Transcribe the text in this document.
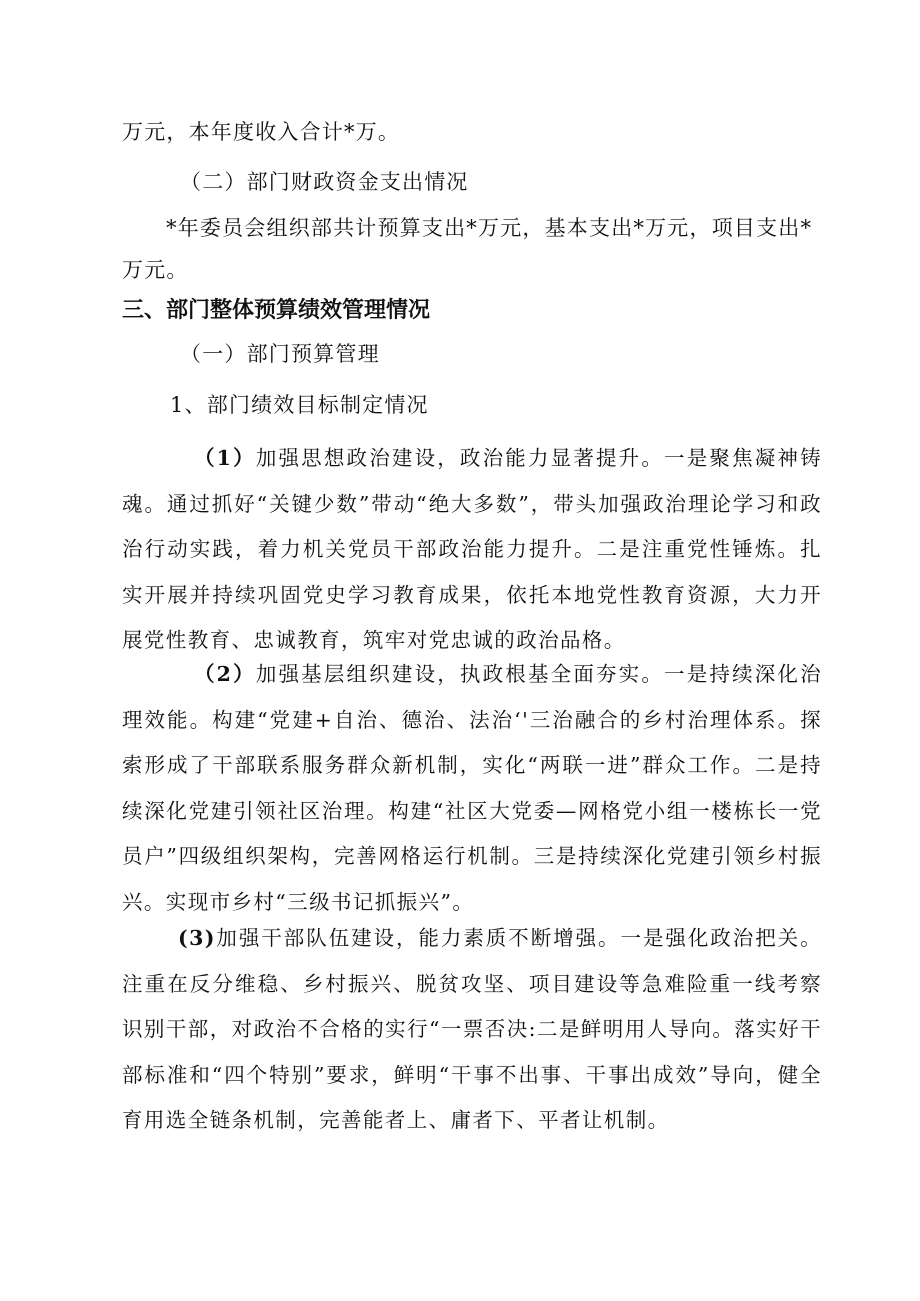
万元，本年度收入合计*万。
（二）部门财政资金支出情况
*年委员会组织部共计预算支出*万元，基本支出*万元，项目支出*
万元。
三、部门整体预算绩效管理情况
（一）部门预算管理
1、部门绩效目标制定情况

（1）加强思想政治建设，政治能力显著提升。一是聚焦凝神铸魂。通过抓好“关键少数”带动“绝大多数”，带头加强政治理论学习和政治行动实践，着力机关党员干部政治能力提升。二是注重党性锤炼。扎实开展并持续巩固党史学习教育成果，依托本地党性教育资源，大力开展党性教育、忠诚教育，筑牢对党忠诚的政治品格。

（2）加强基层组织建设，执政根基全面夯实。一是持续深化治理效能。构建“党建+自治、德治、法治‘'三治融合的乡村治理体系。探索形成了干部联系服务群众新机制，实化“两联一进”群众工作。二是持续深化党建引领社区治理。构建“社区大党委—网格党小组一楼栋长一党员户”四级组织架构，完善网格运行机制。三是持续深化党建引领乡村振兴。实现市乡村“三级书记抓振兴”。

(3)加强干部队伍建设，能力素质不断增强。一是强化政治把关。注重在反分维稳、乡村振兴、脱贫攻坚、项目建设等急难险重一线考察识别干部，对政治不合格的实行“一票否决:二是鲜明用人导向。落实好干部标准和“四个特别”要求，鲜明“干事不出事、干事出成效”导向，健全育用选全链条机制，完善能者上、庸者下、平者让机制。
